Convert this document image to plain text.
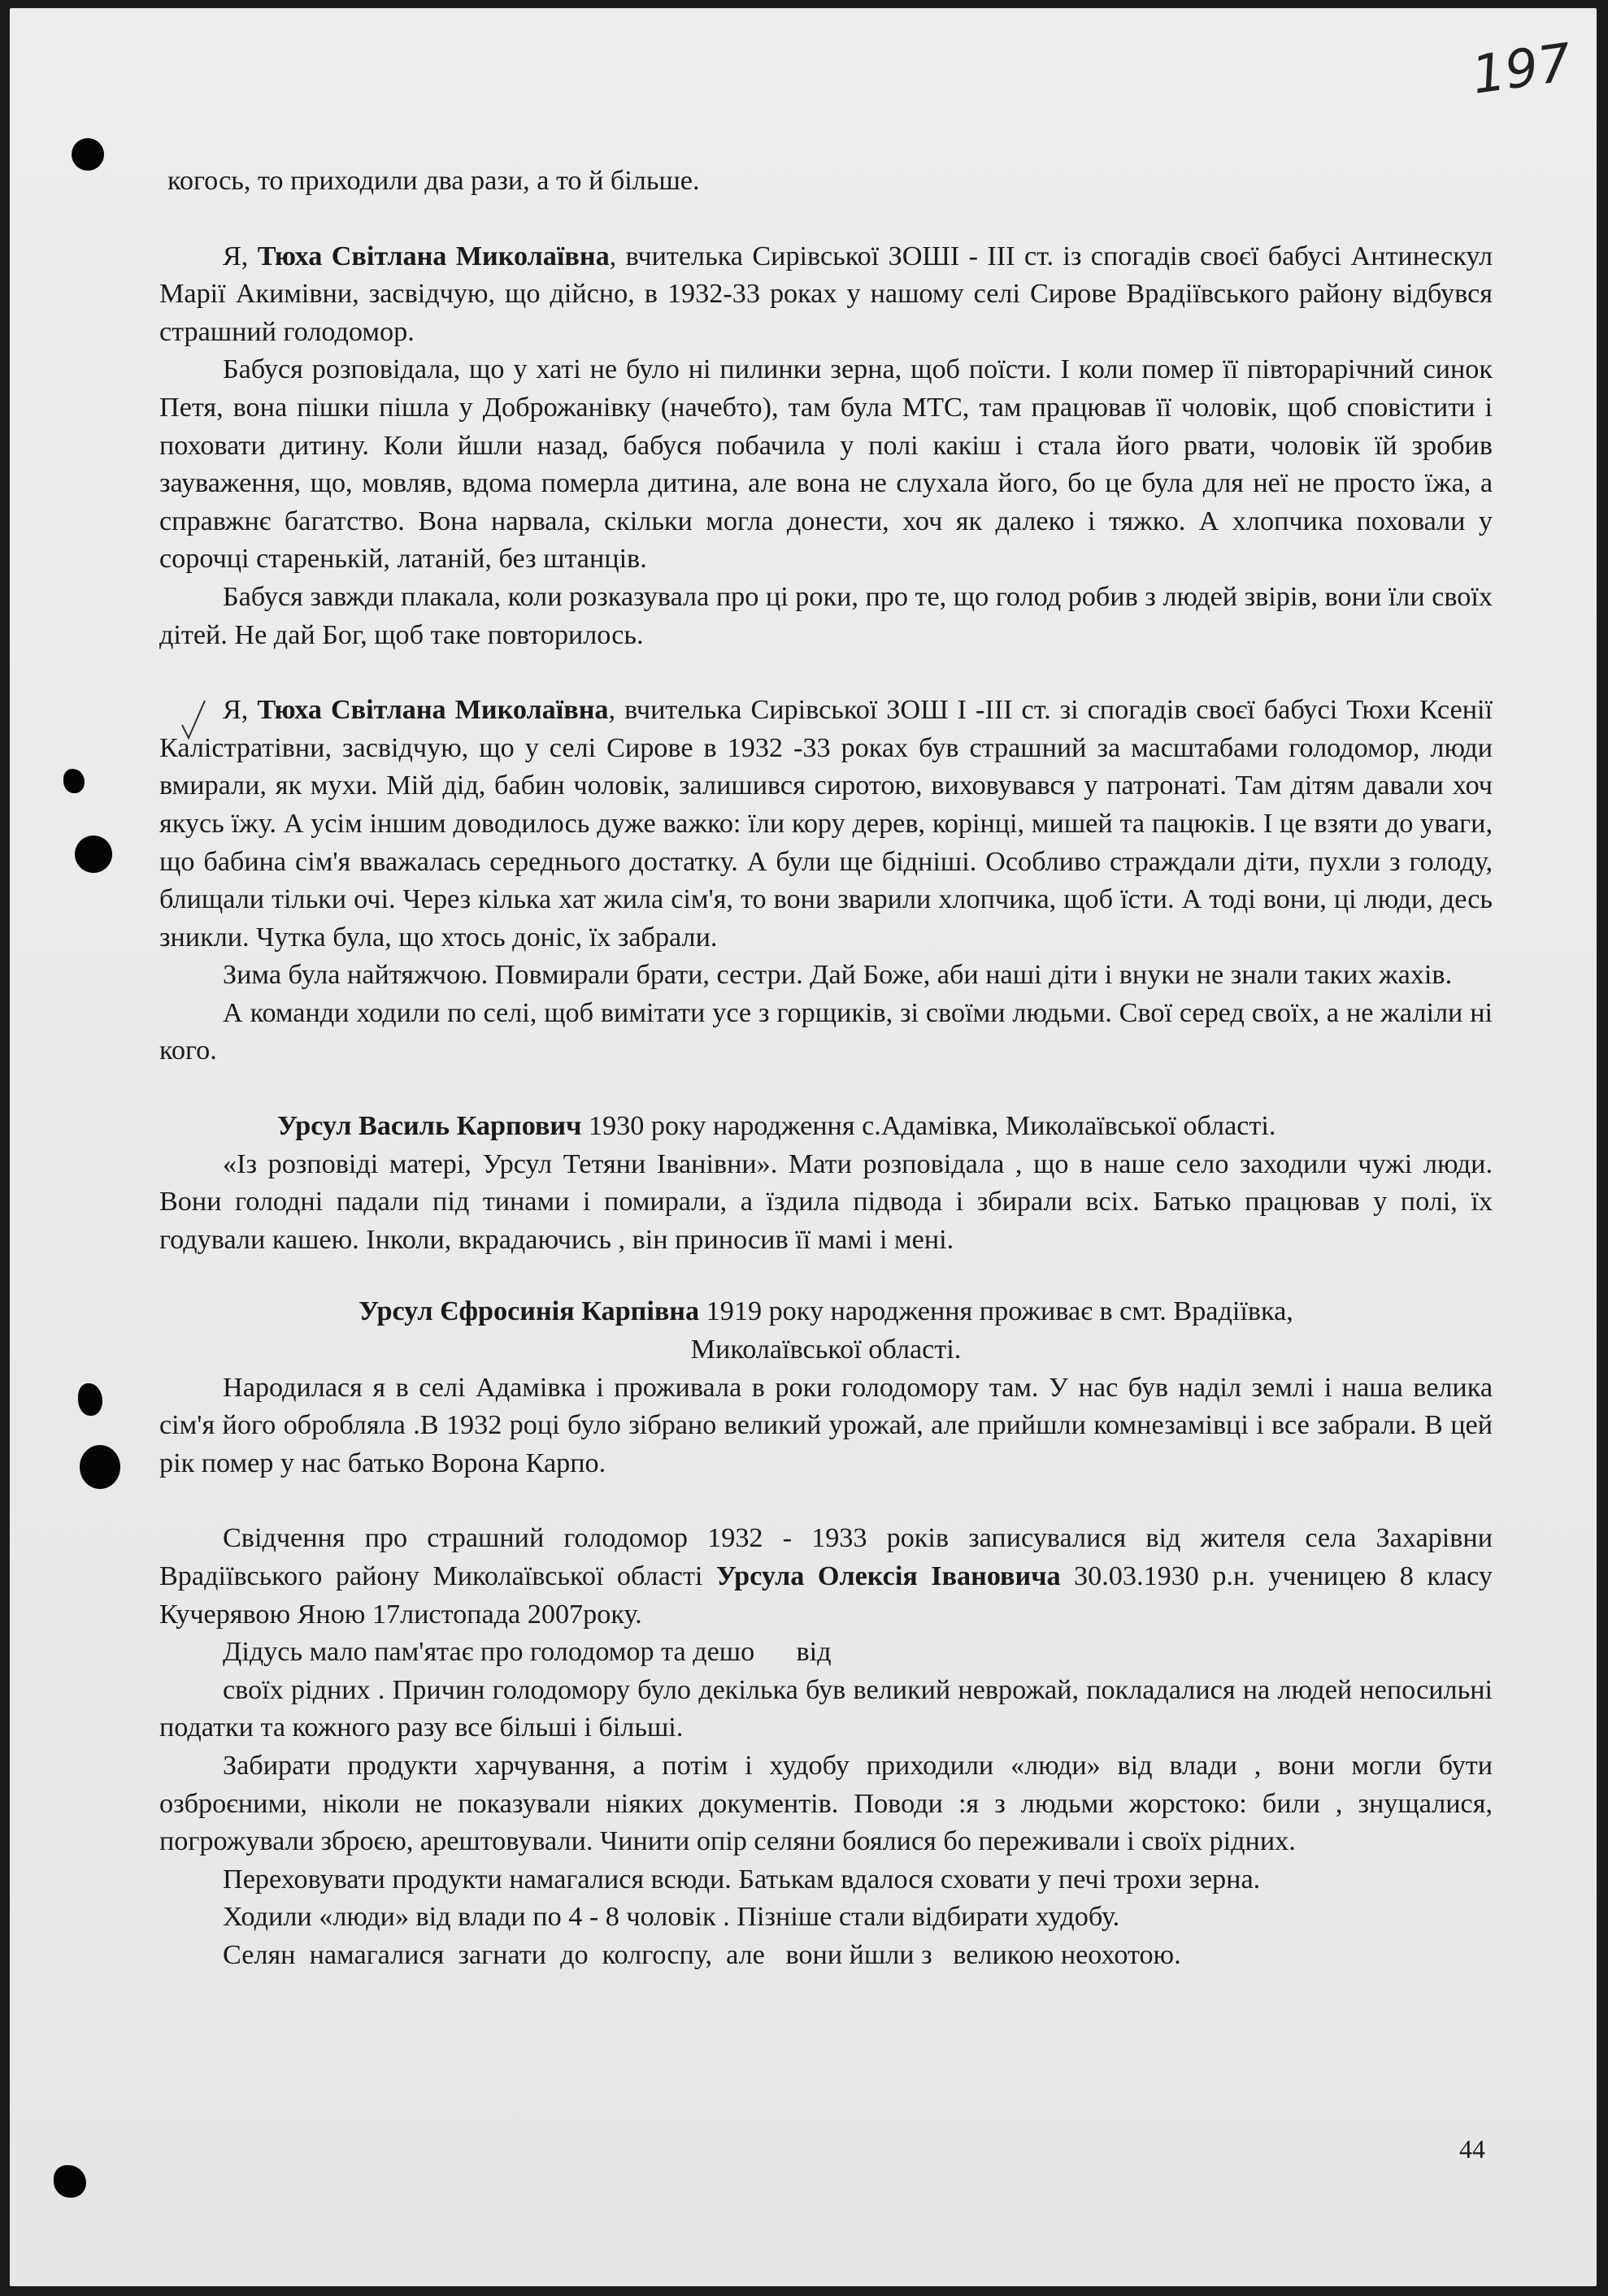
197

когось, то приходили два рази, а то й більше.

Я, Тюха Світлана Миколаївна, вчителька Сирівської ЗОШІ - ІІІ ст. із спогадів своєї бабусі Антинескул Марії Акимівни, засвідчую, що дійсно, в 1932-33 роках у нашому селі Сирове Врадіївського району відбувся страшний голодомор.

Бабуся розповідала, що у хаті не було ні пилинки зерна, щоб поїсти. І коли помер її півторарічний синок Петя, вона пішки пішла у Доброжанівку (начебто), там була МТС, там працював її чоловік, щоб сповістити і поховати дитину. Коли йшли назад, бабуся побачила у полі какіш і стала його рвати, чоловік їй зробив зауваження, що, мовляв, вдома померла дитина, але вона не слухала його, бо це була для неї не просто їжа, а справжнє багатство. Вона нарвала, скільки могла донести, хоч як далеко і тяжко. А хлопчика поховали у сорочці старенькій, латаній, без штанців.

Бабуся завжди плакала, коли розказувала про ці роки, про те, що голод робив з людей звірів, вони їли своїх дітей. Не дай Бог, щоб таке повторилось.

Я, Тюха Світлана Миколаївна, вчителька Сирівської ЗОШ І -ІІІ ст. зі спогадів своєї бабусі Тюхи Ксенії Калістратівни, засвідчую, що у селі Сирове в 1932 -33 роках був страшний за масштабами голодомор, люди вмирали, як мухи. Мій дід, бабин чоловік, залишився сиротою, виховувався у патронаті. Там дітям давали хоч якусь їжу. А усім іншим доводилось дуже важко: їли кору дерев, корінці, мишей та пацюків. І це взяти до уваги, що бабина сім'я вважалась середнього достатку. А були ще бідніші. Особливо страждали діти, пухли з голоду, блищали тільки очі. Через кілька хат жила сім'я, то вони зварили хлопчика, щоб їсти. А тоді вони, ці люди, десь зникли. Чутка була, що хтось доніс, їх забрали.

Зима була найтяжчою. Повмирали брати, сестри. Дай Боже, аби наші діти і внуки не знали таких жахів.

А команди ходили по селі, щоб вимітати усе з горщиків, зі своїми людьми. Свої серед своїх, а не жаліли ні кого.

Урсул Василь Карпович 1930 року народження с.Адамівка, Миколаївської області.

«Із розповіді матері, Урсул Тетяни Іванівни». Мати розповідала , що в наше село заходили чужі люди. Вони голодні падали під тинами і помирали, а їздила підвода і збирали всіх. Батько працював у полі, їх годували кашею. Інколи, вкрадаючись , він приносив її мамі і мені.

Урсул Єфросинія Карпівна 1919 року народження проживає в смт. Врадіївка,

Миколаївської області.

Народилася я в селі Адамівка і проживала в роки голодомору там. У нас був наділ землі і наша велика сім'я його обробляла .В 1932 році було зібрано великий урожай, але прийшли комнезамівці і все забрали. В цей рік помер у нас батько Ворона Карпо.

Свідчення про страшний голодомор 1932 - 1933 років записувалися від жителя села Захарівни Врадіївського району Миколаївської області Урсула Олексія Івановича 30.03.1930 р.н. ученицею 8 класу Кучерявою Яною 17листопада 2007року.

Дідусь мало пам'ятає про голодомор та дешо      від

своїх рідних . Причин голодомору було декілька був великий неврожай, покладалися на людей непосильні податки та кожного разу все більші і більші.

Забирати продукти харчування, а потім і худобу приходили «люди» від влади , вони могли бути озброєними, ніколи не показували ніяких документів. Поводи :я з людьми жорстоко: били , знущалися, погрожували зброєю, арештовували. Чинити опір селяни боялися бо переживали і своїх рідних.

Переховувати продукти намагалися всюди. Батькам вдалося сховати у печі трохи зерна.

Ходили «люди» від влади по 4 - 8 чоловік . Пізніше стали відбирати худобу.

Селян  намагалися  загнати  до  колгоспу,  але   вони йшли з   великою неохотою.

44
